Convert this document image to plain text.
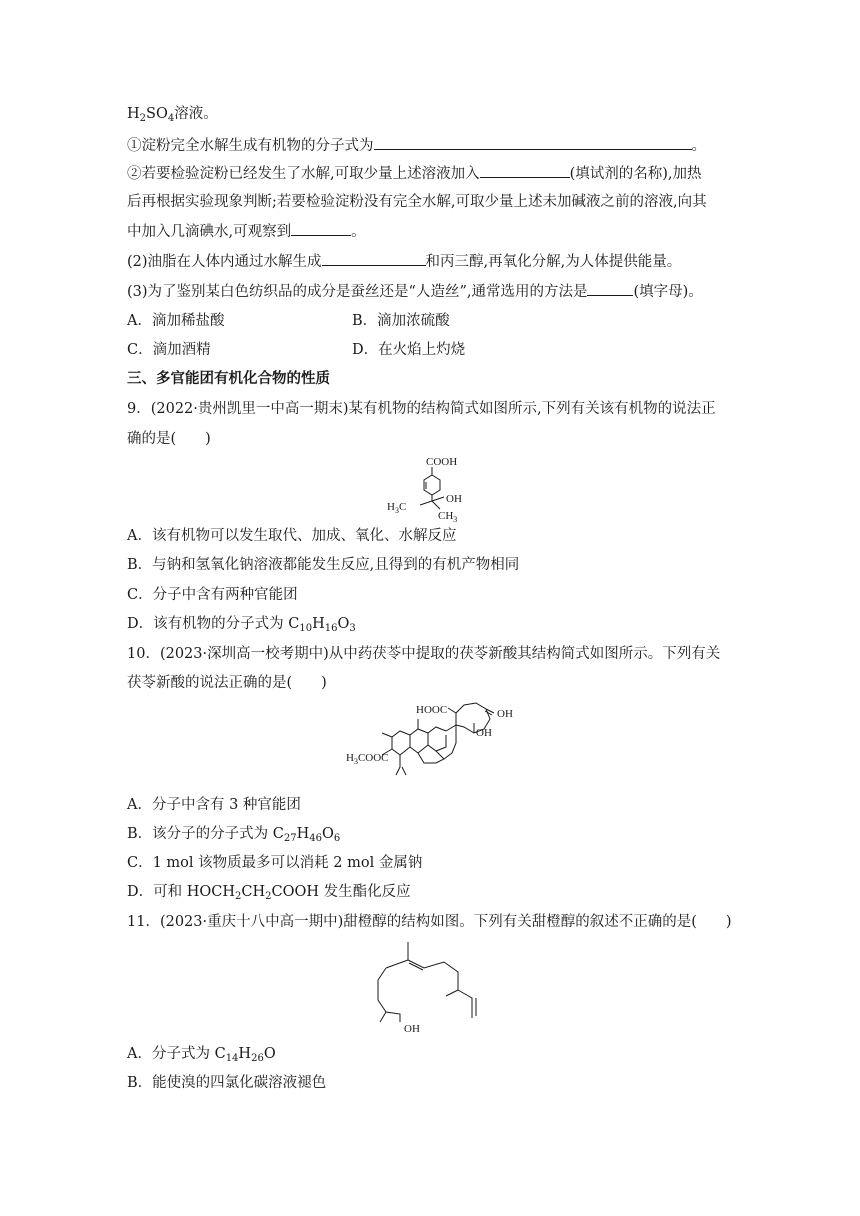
$H_2SO_4$溶液。
①淀粉完全水解生成有机物的分子式为	。
②若要检验淀粉已经发生了水解,可取少量上述溶液加入	(填试剂的名称),加热
后再根据实验现象判断;若要检验淀粉没有完全水解,可取少量上述未加碱液之前的溶液,向其
中加入几滴碘水,可观察到	。
(2)油脂在人体内通过水解生成	和丙三醇,再氧化分解,为人体提供能量。
(3)为了鉴别某白色纺织品的成分是蚕丝还是“人造丝”,通常选用的方法是	(填字母)。
A．滴加稀盐酸	B．滴加浓硫酸
C．滴加酒精	D．在火焰上灼烧
三、多官能团有机化合物的性质
9．(2022·贵州凯里一中高一期末)某有机物的结构简式如图所示,下列有关该有机物的说法正
确的是(　　)
COOH
$H_3C$
OH
$CH_3$
A．该有机物可以发生取代、加成、氧化、水解反应
B．与钠和氢氧化钠溶液都能发生反应,且得到的有机产物相同
C．分子中含有两种官能团
D．该有机物的分子式为 $C_{10}H_{16}O_3$
10．(2023·深圳高一校考期中)从中药茯苓中提取的茯苓新酸其结构简式如图所示。下列有关
茯苓新酸的说法正确的是(　　)
HOOC	OH
OH
$H_3COOC$
A．分子中含有 3 种官能团
B．该分子的分子式为 $C_{27}H_{46}O_6$
C．1 mol 该物质最多可以消耗 2 mol 金属钠
D．可和 $HOCH_2CH_2COOH$ 发生酯化反应
11．(2023·重庆十八中高一期中)甜橙醇的结构如图。下列有关甜橙醇的叙述不正确的是(　　)
OH
A．分子式为 $C_{14}H_{26}O$
B．能使溴的四氯化碳溶液褪色
